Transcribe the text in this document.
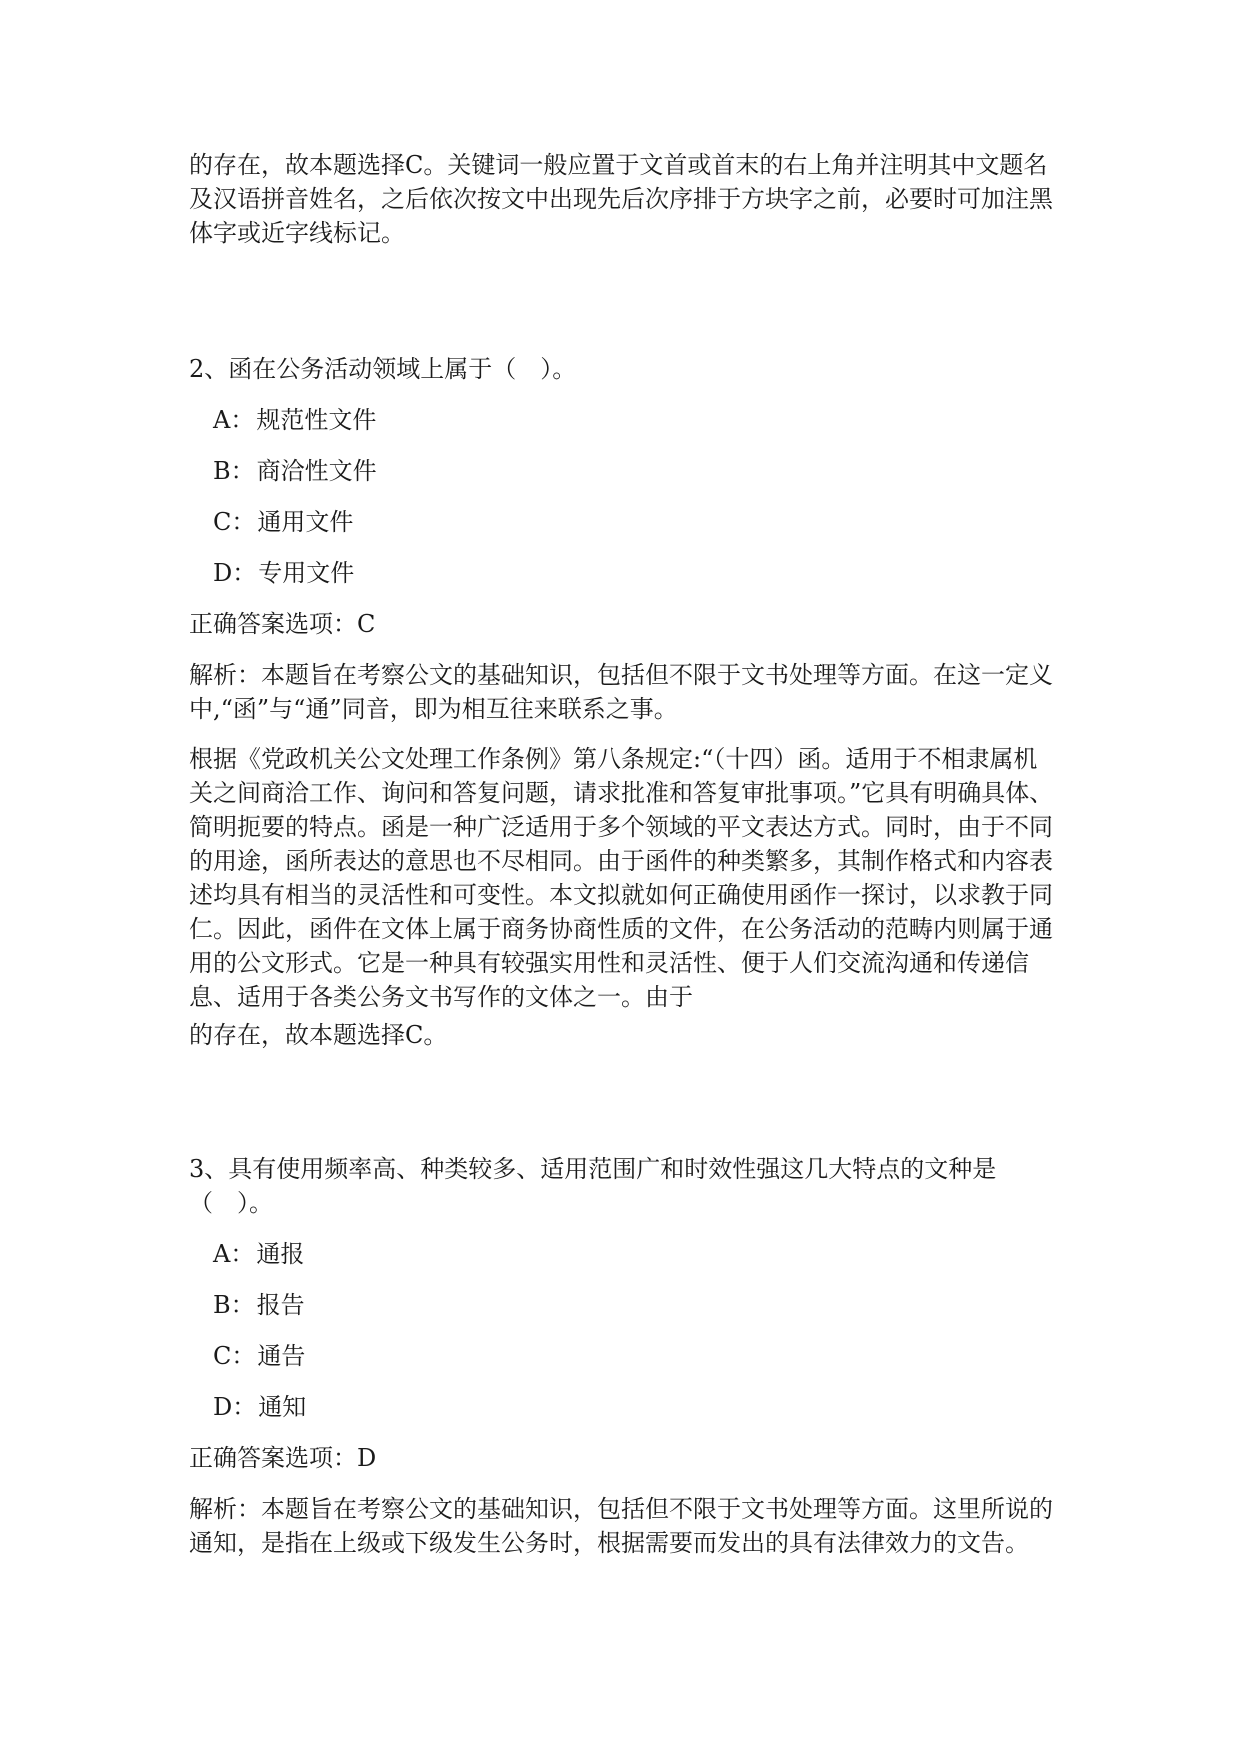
的存在，故本题选择C。关键词一般应置于文首或首末的右上角并注明其中文题名及汉语拼音姓名，之后依次按文中出现先后次序排于方块字之前，必要时可加注黑体字或近字线标记。
2、函在公务活动领域上属于（　）。
A：规范性文件
B：商洽性文件
C：通用文件
D：专用文件
正确答案选项：C
解析：本题旨在考察公文的基础知识，包括但不限于文书处理等方面。在这一定义中,“函”与“通”同音，即为相互往来联系之事。
根据《党政机关公文处理工作条例》第八条规定:“（十四）函。适用于不相隶属机关之间商洽工作、询问和答复问题，请求批准和答复审批事项。”它具有明确具体、简明扼要的特点。函是一种广泛适用于多个领域的平文表达方式。同时，由于不同的用途，函所表达的意思也不尽相同。由于函件的种类繁多，其制作格式和内容表述均具有相当的灵活性和可变性。本文拟就如何正确使用函作一探讨，以求教于同仁。因此，函件在文体上属于商务协商性质的文件，在公务活动的范畴内则属于通用的公文形式。它是一种具有较强实用性和灵活性、便于人们交流沟通和传递信息、适用于各类公务文书写作的文体之一。由于
的存在，故本题选择C。
3、具有使用频率高、种类较多、适用范围广和时效性强这几大特点的文种是（　）。
A：通报
B：报告
C：通告
D：通知
正确答案选项：D
解析：本题旨在考察公文的基础知识，包括但不限于文书处理等方面。这里所说的通知，是指在上级或下级发生公务时，根据需要而发出的具有法律效力的文告。
